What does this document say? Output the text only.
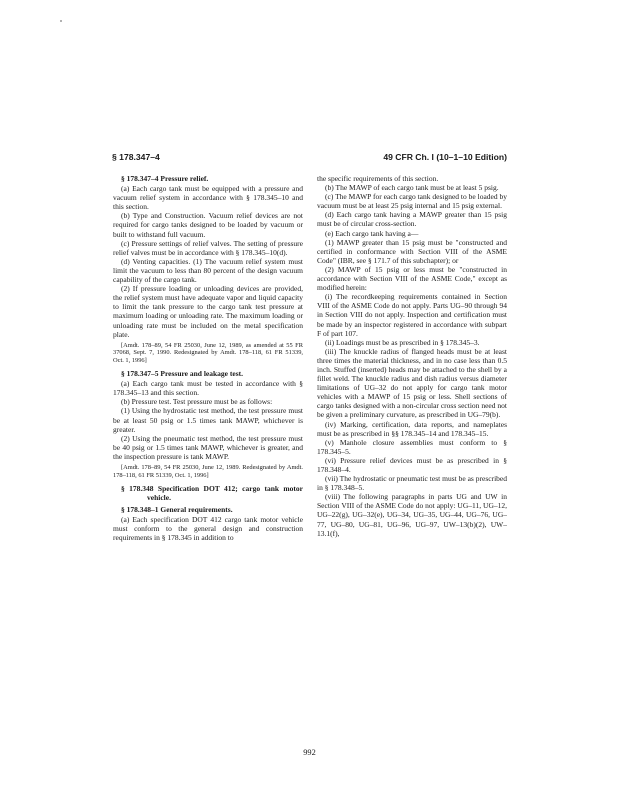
§ 178.347–4	49 CFR Ch. I (10–1–10 Edition)
§ 178.347–4 Pressure relief.

(a) Each cargo tank must be equipped with a pressure and vacuum relief system in accordance with § 178.345–10 and this section.

(b) Type and Construction. Vacuum relief devices are not required for cargo tanks designed to be loaded by vacuum or built to withstand full vacuum.

(c) Pressure settings of relief valves. The setting of pressure relief valves must be in accordance with § 178.345–10(d).

(d) Venting capacities. (1) The vacuum relief system must limit the vacuum to less than 80 percent of the design vacuum capability of the cargo tank.

(2) If pressure loading or unloading devices are provided, the relief system must have adequate vapor and liquid capacity to limit the tank pressure to the cargo tank test pressure at maximum loading or unloading rate. The maximum loading or unloading rate must be included on the metal specification plate.

[Amdt. 178–89, 54 FR 25030, June 12, 1989, as amended at 55 FR 37068, Sept. 7, 1990. Redesignated by Amdt. 178–118, 61 FR 51339, Oct. 1, 1996]
§ 178.347–5 Pressure and leakage test.

(a) Each cargo tank must be tested in accordance with § 178.345–13 and this section.

(b) Pressure test. Test pressure must be as follows:

(1) Using the hydrostatic test method, the test pressure must be at least 50 psig or 1.5 times tank MAWP, whichever is greater.

(2) Using the pneumatic test method, the test pressure must be 40 psig or 1.5 times tank MAWP, whichever is greater, and the inspection pressure is tank MAWP.

[Amdt. 178–89, 54 FR 25030, June 12, 1989. Redesignated by Amdt. 178–118, 61 FR 51339, Oct. 1, 1996]
§ 178.348 Specification DOT 412; cargo tank motor vehicle.
§ 178.348–1 General requirements.

(a) Each specification DOT 412 cargo tank motor vehicle must conform to the general design and construction requirements in § 178.345 in addition to

the specific requirements of this section.

(b) The MAWP of each cargo tank must be at least 5 psig.

(c) The MAWP for each cargo tank designed to be loaded by vacuum must be at least 25 psig internal and 15 psig external.

(d) Each cargo tank having a MAWP greater than 15 psig must be of circular cross-section.

(e) Each cargo tank having a—

(1) MAWP greater than 15 psig must be "constructed and certified in conformance with Section VIII of the ASME Code" (IBR, see § 171.7 of this subchapter); or

(2) MAWP of 15 psig or less must be "constructed in accordance with Section VIII of the ASME Code," except as modified herein:

(i) The recordkeeping requirements contained in Section VIII of the ASME Code do not apply. Parts UG–90 through 94 in Section VIII do not apply. Inspection and certification must be made by an inspector registered in accordance with subpart F of part 107.

(ii) Loadings must be as prescribed in § 178.345–3.

(iii) The knuckle radius of flanged heads must be at least three times the material thickness, and in no case less than 0.5 inch. Stuffed (inserted) heads may be attached to the shell by a fillet weld. The knuckle radius and dish radius versus diameter limitations of UG–32 do not apply for cargo tank motor vehicles with a MAWP of 15 psig or less. Shell sections of cargo tanks designed with a non-circular cross section need not be given a preliminary curvature, as prescribed in UG–79(b).

(iv) Marking, certification, data reports, and nameplates must be as prescribed in §§ 178.345–14 and 178.345–15.

(v) Manhole closure assemblies must conform to § 178.345–5.

(vi) Pressure relief devices must be as prescribed in § 178.348–4.

(vii) The hydrostatic or pneumatic test must be as prescribed in § 178.348–5.

(viii) The following paragraphs in parts UG and UW in Section VIII of the ASME Code do not apply: UG–11, UG–12, UG–22(g), UG–32(e), UG–34, UG–35, UG–44, UG–76, UG–77, UG–80, UG–81, UG–96, UG–97, UW–13(b)(2), UW–13.1(f),

992
